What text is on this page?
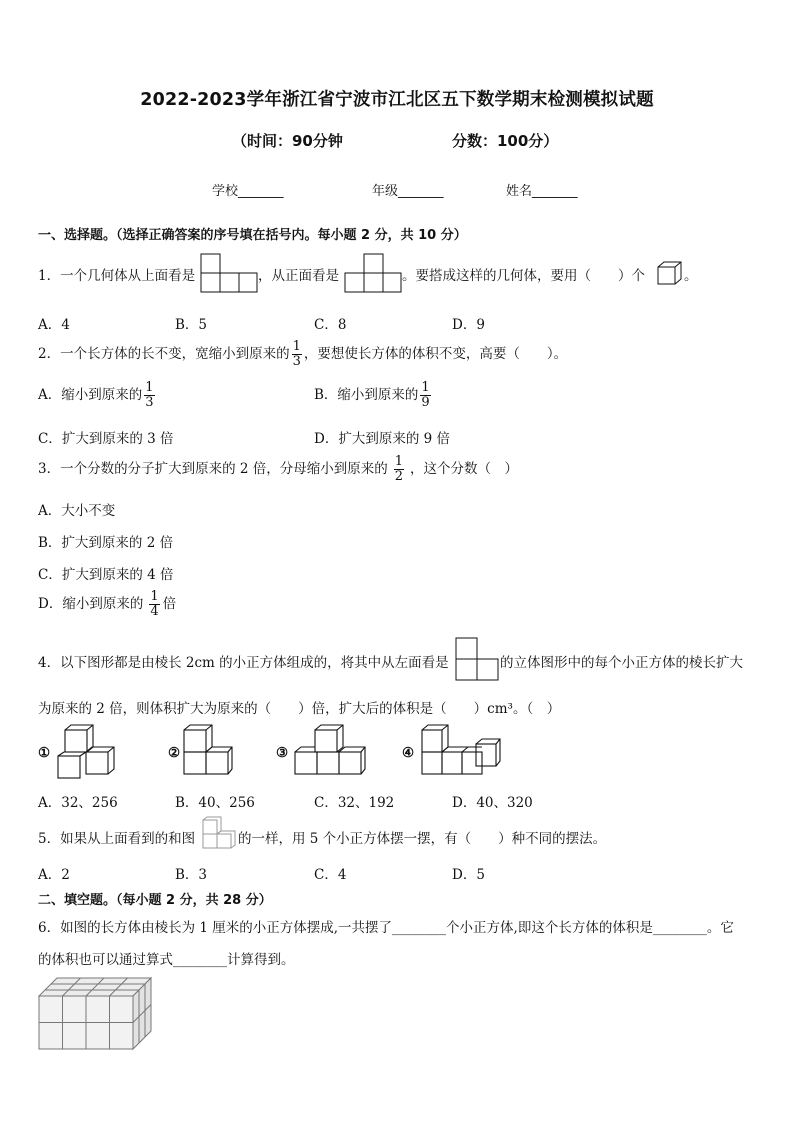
2022-2023学年浙江省宁波市江北区五下数学期末检测模拟试题
（时间：90分钟	分数：100分）
学校_______	年级_______	姓名_______
一、选择题。（选择正确答案的序号填在括号内。每小题 2 分，共 10 分）
1．一个几何体从上面看是	，从正面看是	。要搭成这样的几何体，要用（　　）个	。
A．4	B．5	C．8	D．9
2．一个长方体的长不变，宽缩小到原来的 $\frac{1}{3}$ ，要想使长方体的体积不变，高要（　　）。
A．缩小到原来的 $\frac{1}{3}$	B．缩小到原来的 $\frac{1}{9}$
C．扩大到原来的 3 倍	D．扩大到原来的 9 倍
3．一个分数的分子扩大到原来的 2 倍，分母缩小到原来的 $\frac{1}{2}$ ，这个分数（　）
A．大小不变
B．扩大到原来的 2 倍
C．扩大到原来的 4 倍
D．缩小到原来的 $\frac{1}{4}$ 倍
4．以下图形都是由棱长 2cm 的小正方体组成的，将其中从左面看是	的立体图形中的每个小正方体的棱长扩大
为原来的 2 倍，则体积扩大为原来的（　　）倍，扩大后的体积是（　　）cm³。（　）
①	②	③	④
A．32、256	B．40、256	C．32、192	D．40、320
5．如果从上面看到的和图	的一样，用 5 个小正方体摆一摆，有（　　）种不同的摆法。
A．2	B．3	C．4	D．5
二、填空题。（每小题 2 分，共 28 分）
6．如图的长方体由棱长为 1 厘米的小正方体摆成,一共摆了________个小正方体,即这个长方体的体积是________。它
的体积也可以通过算式________计算得到。
